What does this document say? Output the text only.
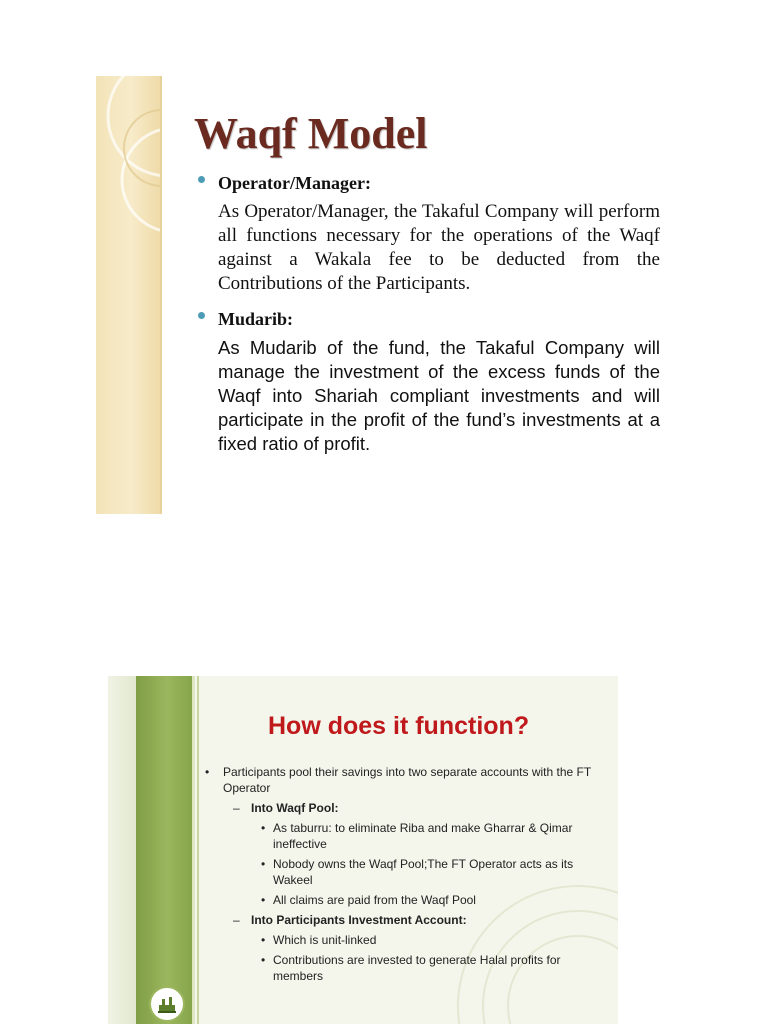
Waqf Model
Operator/Manager:

As Operator/Manager, the Takaful Company will perform all functions necessary for the operations of the Waqf against a Wakala fee to be deducted from the Contributions of the Participants.

Mudarib:

As Mudarib of the fund, the Takaful Company will manage the investment of the excess funds of the Waqf into Shariah compliant investments and will participate in the profit of the fund’s investments at a fixed ratio of profit.

How does it function?
• Participants pool their savings into two separate accounts with the FT Operator
– Into Waqf Pool:
• As taburru: to eliminate Riba and make Gharrar & Qimar ineffective
• Nobody owns the Waqf Pool;The FT Operator acts as its Wakeel
• All claims are paid from the Waqf Pool
– Into Participants Investment Account:
• Which is unit-linked
• Contributions are invested to generate Halal profits for members
